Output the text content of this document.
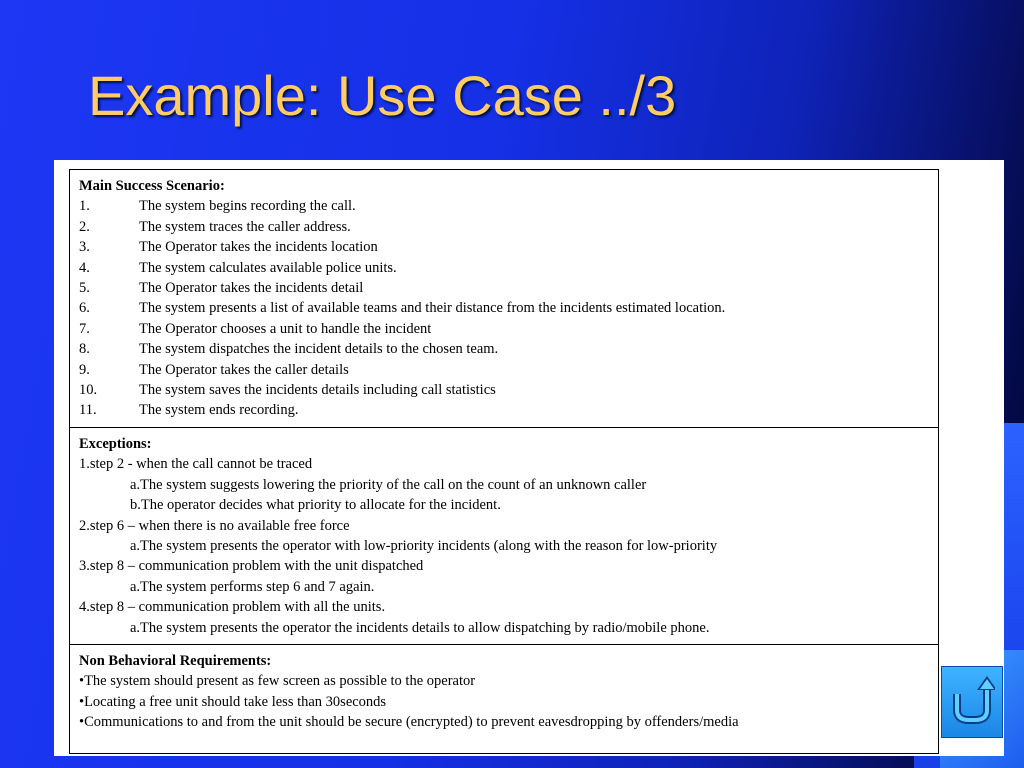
Example: Use Case ../3
Main Success Scenario:
1.	The system begins recording the call.
2.	The system traces the caller address.
3.	The Operator takes the incidents location
4.	The system calculates available police units.
5.	The Operator takes the incidents detail
6.	The system presents a list of available teams and their distance from the incidents estimated location.
7.	The Operator chooses a unit to handle the incident
8.	The system dispatches the incident details to the chosen team.
9.	The Operator takes the caller details
10.	The system saves the incidents details including call statistics
11.	The system ends recording.

Exceptions:
1.step 2 - when the call cannot be traced
a.The system suggests lowering the priority of the call on the count of an unknown caller
b.The operator decides what priority to allocate for the incident.
2.step 6 – when there is no available free force
a.The system presents the operator with low-priority incidents (along with the reason for low-priority
3.step 8 – communication problem with the unit dispatched
a.The system performs step 6 and 7 again.
4.step 8 – communication problem with all the units.
a.The system presents the operator the incidents details to allow dispatching by radio/mobile phone.

Non Behavioral Requirements:
• The system should present as few screen as possible to the operator
• Locating a free unit should take less than 30seconds
• Communications to and from the unit should be secure (encrypted) to prevent eavesdropping by offenders/media
